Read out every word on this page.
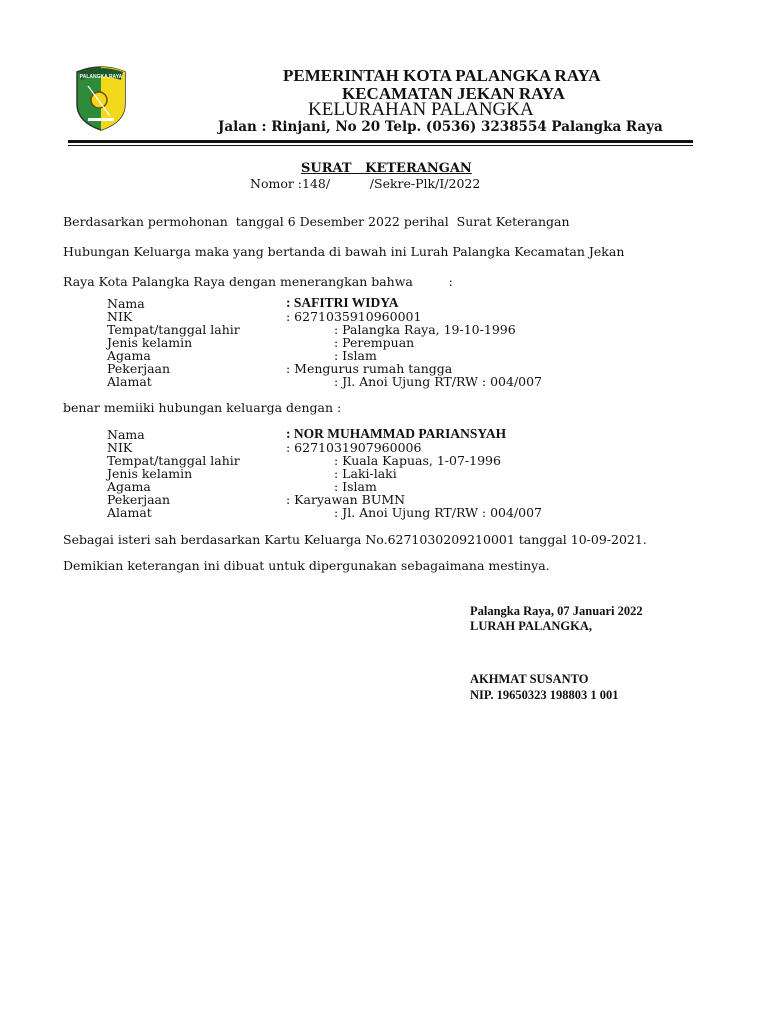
PALANGKA RAYA	PEMERINTAH KOTA PALANGKA RAYA
KECAMATAN JEKAN RAYA
KELURAHAN PALANGKA
Jalan : Rinjani, No 20 Telp. (0536) 3238554 Palangka Raya
SURAT   KETERANGAN
Nomor :148/          /Sekre-Plk/I/2022
Berdasarkan permohonan  tanggal 6 Desember 2022 perihal  Surat Keterangan
Hubungan Keluarga maka yang bertanda di bawah ini Lurah Palangka Kecamatan Jekan
Raya Kota Palangka Raya dengan menerangkan bahwa         :
Nama	: SAFITRI WIDYA
NIK	: 6271035910960001
Tempat/tanggal lahir	: Palangka Raya, 19-10-1996
Jenis kelamin	: Perempuan
Agama	: Islam
Pekerjaan	: Mengurus rumah tangga
Alamat	: Jl. Anoi Ujung RT/RW : 004/007
benar memiiki hubungan keluarga dengan :
Nama	: NOR MUHAMMAD PARIANSYAH
NIK	: 6271031907960006
Tempat/tanggal lahir	: Kuala Kapuas, 1-07-1996
Jenis kelamin	: Laki-laki
Agama	: Islam
Pekerjaan	: Karyawan BUMN
Alamat	: Jl. Anoi Ujung RT/RW : 004/007
Sebagai isteri sah berdasarkan Kartu Keluarga No.6271030209210001 tanggal 10-09-2021.
Demikian keterangan ini dibuat untuk dipergunakan sebagaimana mestinya.
Palangka Raya, 07 Januari 2022
LURAH PALANGKA,
AKHMAT SUSANTO
NIP. 19650323 198803 1 001
